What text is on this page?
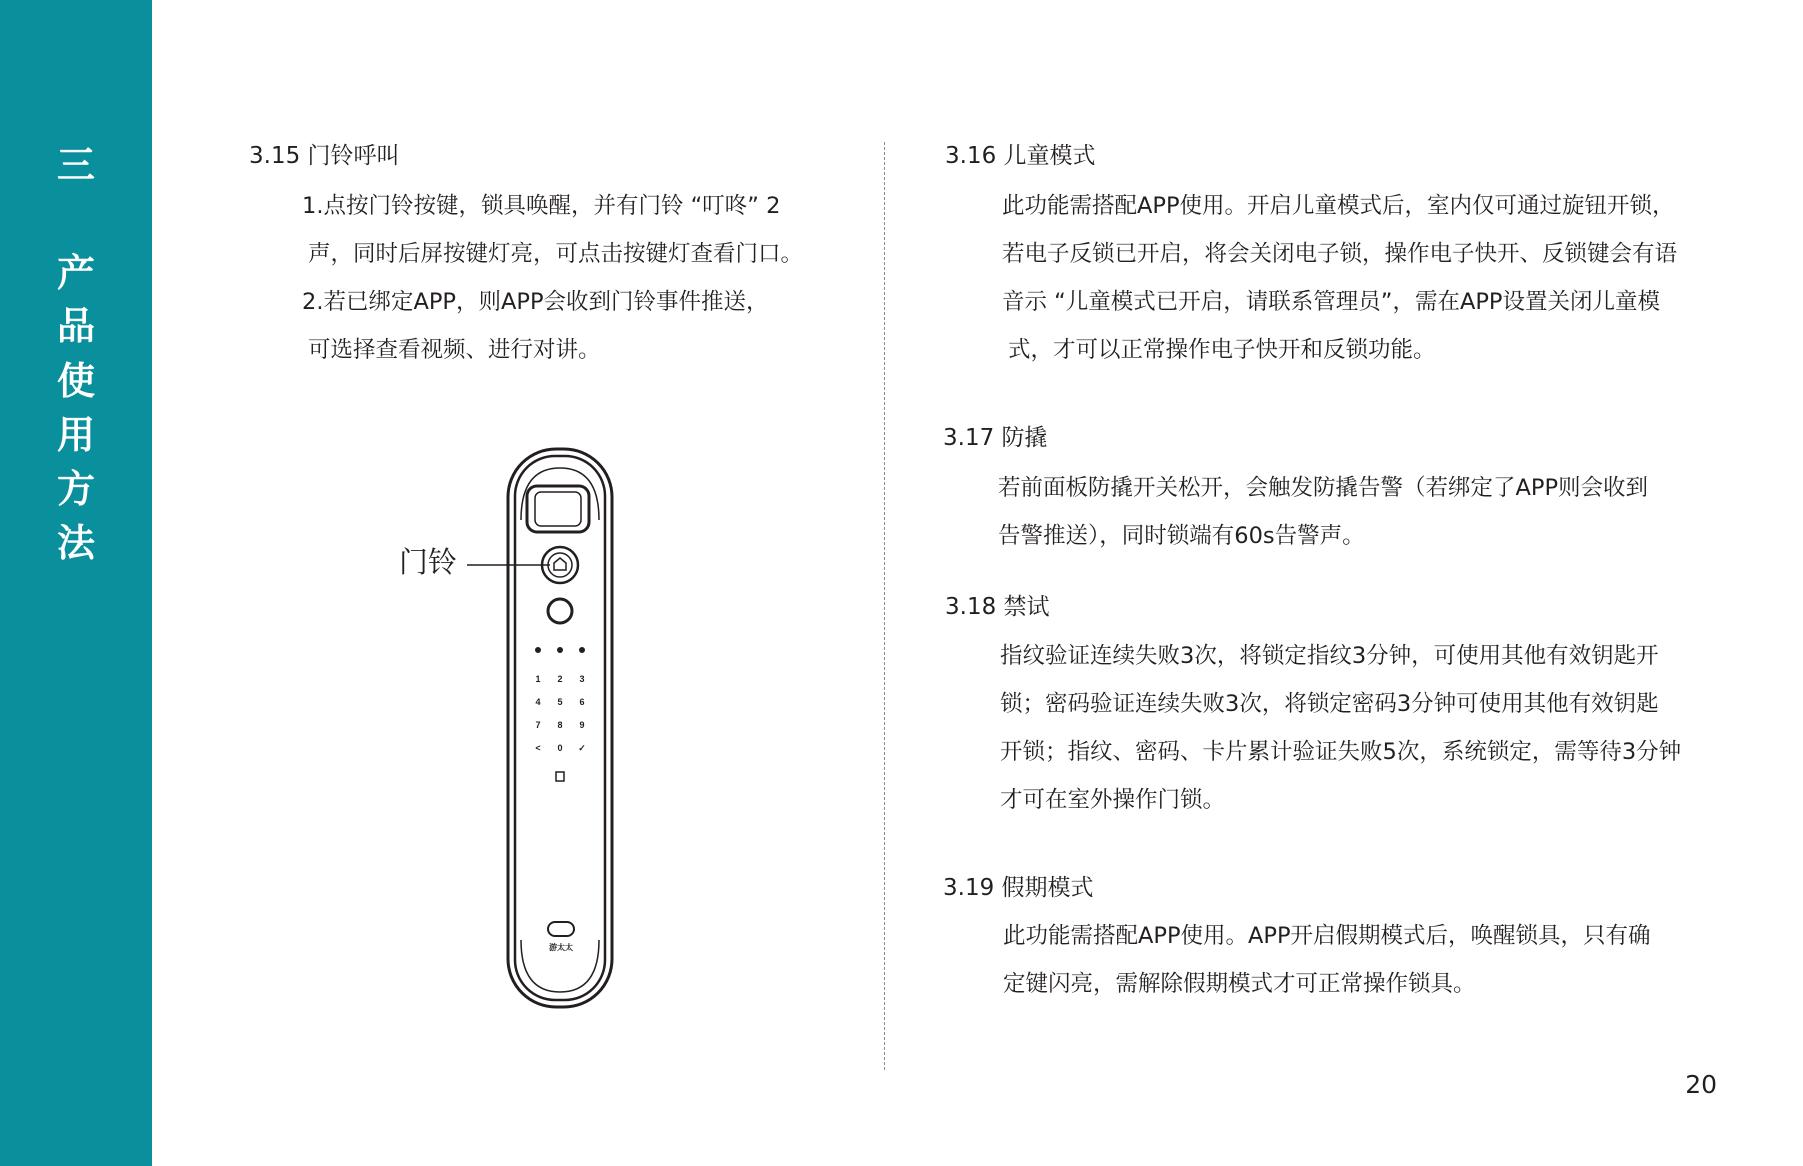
三
产
品
使
用
方
法
3.15 门铃呼叫
1.点按门铃按键，锁具唤醒，并有门铃 “叮咚” 2
声，同时后屏按键灯亮，可点击按键灯查看门口。
2.若已绑定APP，则APP会收到门铃事件推送，
可选择查看视频、进行对讲。
3.16 儿童模式
此功能需搭配APP使用。开启儿童模式后，室内仅可通过旋钮开锁，
若电子反锁已开启，将会关闭电子锁，操作电子快开、反锁键会有语
音示 “儿童模式已开启，请联系管理员”，需在APP设置关闭儿童模
式，才可以正常操作电子快开和反锁功能。
3.17 防撬
若前面板防撬开关松开，会触发防撬告警（若绑定了APP则会收到
告警推送），同时锁端有60s告警声。
3.18 禁试
指纹验证连续失败3次，将锁定指纹3分钟，可使用其他有效钥匙开
锁；密码验证连续失败3次，将锁定密码3分钟可使用其他有效钥匙
开锁；指纹、密码、卡片累计验证失败5次，系统锁定，需等待3分钟
才可在室外操作门锁。
3.19 假期模式
此功能需搭配APP使用。APP开启假期模式后，唤醒锁具，只有确
定键闪亮，需解除假期模式才可正常操作锁具。
门铃
1 2 3
4 5 6
7 8 9
< 0 ✓
游太太
20
